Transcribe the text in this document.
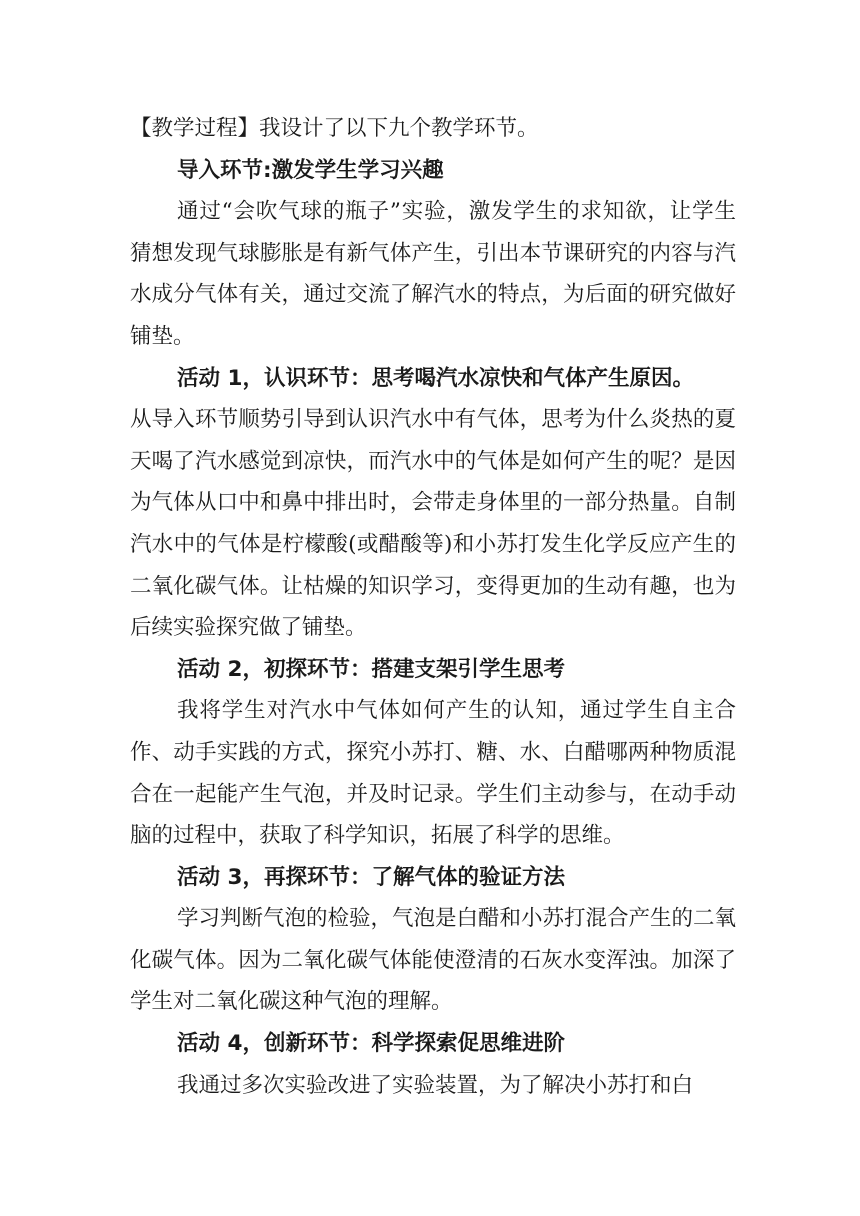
【教学过程】我设计了以下九个教学环节。

导入环节:激发学生学习兴趣

通过“会吹气球的瓶子”实验，激发学生的求知欲，让学生猜想发现气球膨胀是有新气体产生，引出本节课研究的内容与汽水成分气体有关，通过交流了解汽水的特点，为后面的研究做好铺垫。

活动 1，认识环节：思考喝汽水凉快和气体产生原因。

从导入环节顺势引导到认识汽水中有气体，思考为什么炎热的夏天喝了汽水感觉到凉快，而汽水中的气体是如何产生的呢？是因为气体从口中和鼻中排出时，会带走身体里的一部分热量。自制汽水中的气体是柠檬酸(或醋酸等)和小苏打发生化学反应产生的二氧化碳气体。让枯燥的知识学习，变得更加的生动有趣，也为后续实验探究做了铺垫。

活动 2，初探环节：搭建支架引学生思考

我将学生对汽水中气体如何产生的认知，通过学生自主合作、动手实践的方式，探究小苏打、糖、水、白醋哪两种物质混合在一起能产生气泡，并及时记录。学生们主动参与，在动手动脑的过程中，获取了科学知识，拓展了科学的思维。

活动 3，再探环节：了解气体的验证方法

学习判断气泡的检验，气泡是白醋和小苏打混合产生的二氧化碳气体。因为二氧化碳气体能使澄清的石灰水变浑浊。加深了学生对二氧化碳这种气泡的理解。

活动 4，创新环节：科学探索促思维进阶

我通过多次实验改进了实验装置，为了解决小苏打和白
